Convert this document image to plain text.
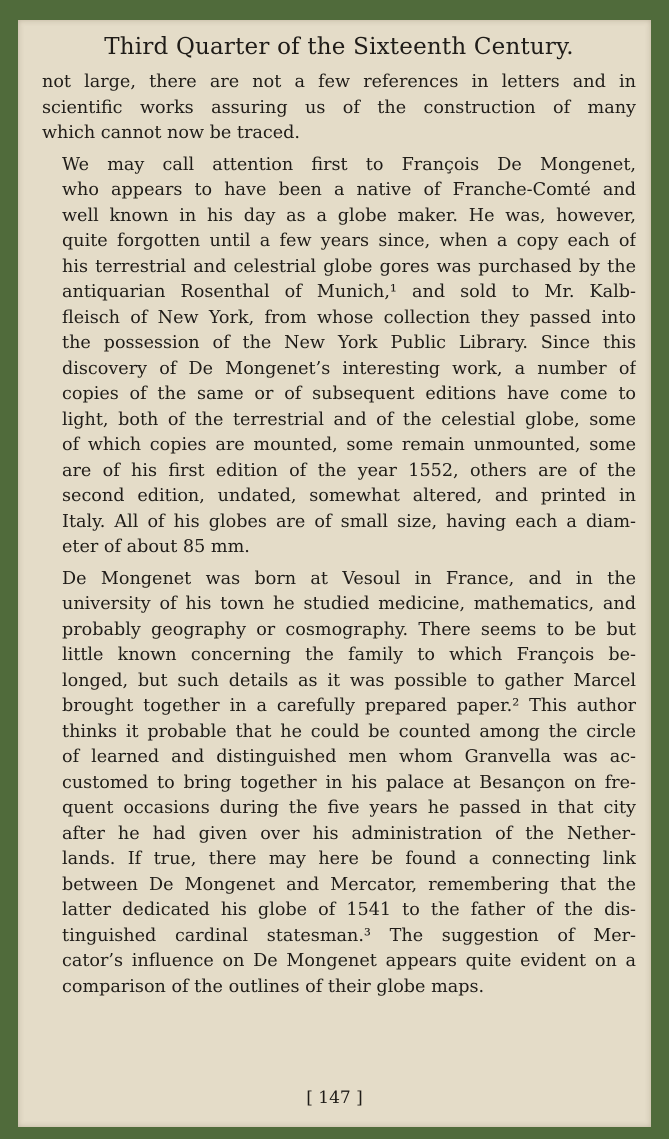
Third Quarter of the Sixteenth Century.
not large, there are not a few references in letters and in
scientific works assuring us of the construction of many
which cannot now be traced.
We may call attention first to François De Mongenet,
who appears to have been a native of Franche-Comté and
well known in his day as a globe maker. He was, however,
quite forgotten until a few years since, when a copy each of
his terrestrial and celestrial globe gores was purchased by the
antiquarian Rosenthal of Munich,¹ and sold to Mr. Kalb-
fleisch of New York, from whose collection they passed into
the possession of the New York Public Library. Since this
discovery of De Mongenet’s interesting work, a number of
copies of the same or of subsequent editions have come to
light, both of the terrestrial and of the celestial globe, some
of which copies are mounted, some remain unmounted, some
are of his first edition of the year 1552, others are of the
second edition, undated, somewhat altered, and printed in
Italy. All of his globes are of small size, having each a diam-
eter of about 85 mm.
De Mongenet was born at Vesoul in France, and in the
university of his town he studied medicine, mathematics, and
probably geography or cosmography. There seems to be but
little known concerning the family to which François be-
longed, but such details as it was possible to gather Marcel
brought together in a carefully prepared paper.² This author
thinks it probable that he could be counted among the circle
of learned and distinguished men whom Granvella was ac-
customed to bring together in his palace at Besançon on fre-
quent occasions during the five years he passed in that city
after he had given over his administration of the Nether-
lands. If true, there may here be found a connecting link
between De Mongenet and Mercator, remembering that the
latter dedicated his globe of 1541 to the father of the dis-
tinguished cardinal statesman.³ The suggestion of Mer-
cator’s influence on De Mongenet appears quite evident on a
comparison of the outlines of their globe maps.
[ 147 ]
